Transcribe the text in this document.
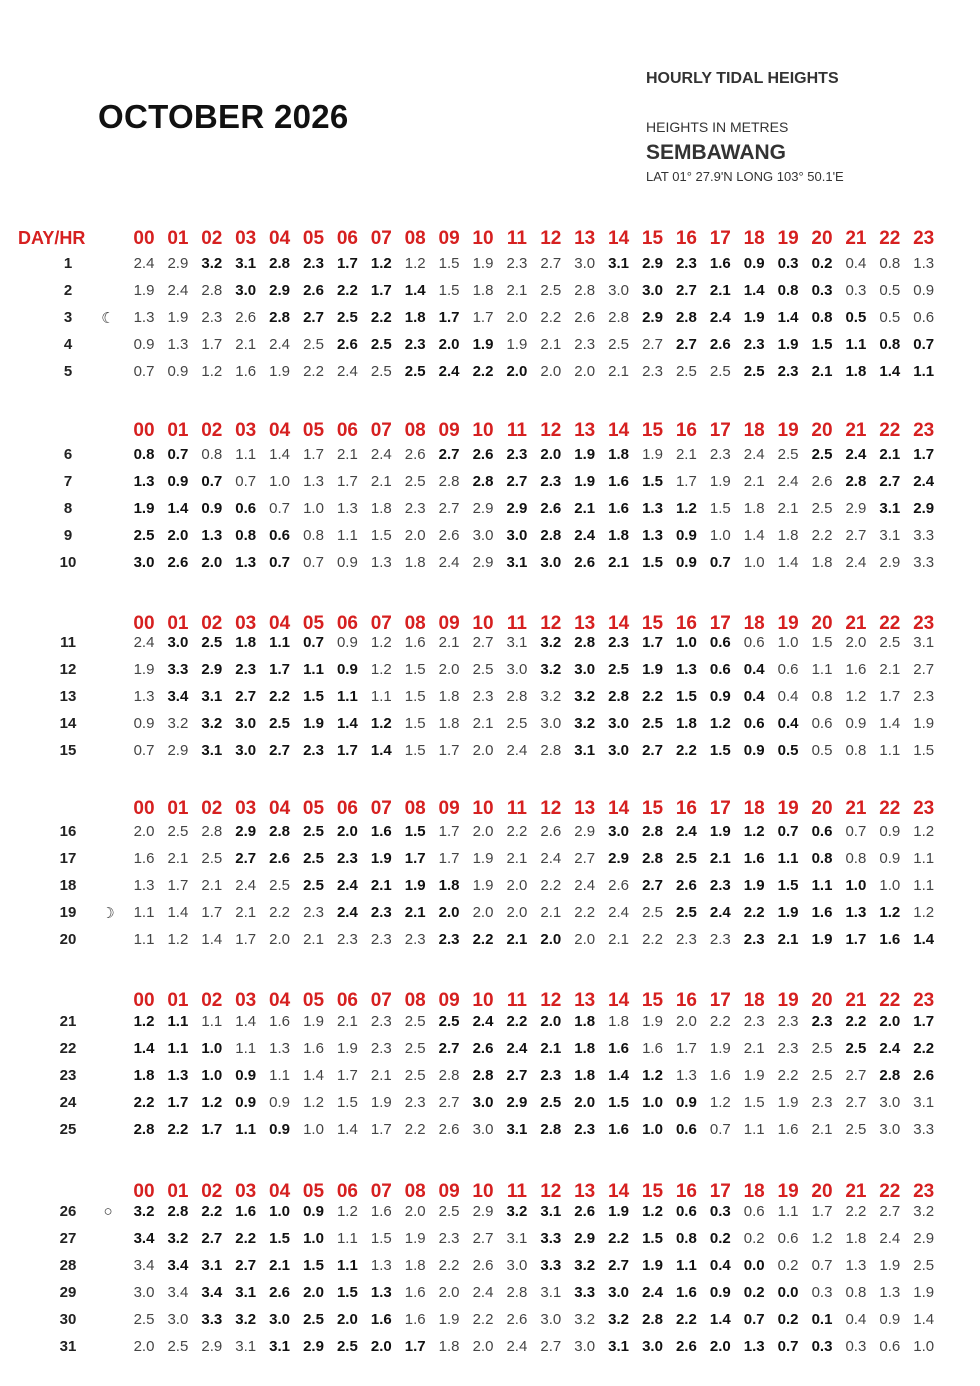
OCTOBER 2026
HOURLY TIDAL HEIGHTS
HEIGHTS IN METRES
SEMBAWANG
LAT 01° 27.9'N LONG 103° 50.1'E
DAY/HR	00 01 02 03 04 05 06 07 08 09 10 11 12 13 14 15 16 17 18 19 20 21 22 23
1	2.4 2.9 3.2 3.1 2.8 2.3 1.7 1.2 1.2 1.5 1.9 2.3 2.7 3.0 3.1 2.9 2.3 1.6 0.9 0.3 0.2 0.4 0.8 1.3
2	1.9 2.4 2.8 3.0 2.9 2.6 2.2 1.7 1.4 1.5 1.8 2.1 2.5 2.8 3.0 3.0 2.7 2.1 1.4 0.8 0.3 0.3 0.5 0.9
3	☾	1.3 1.9 2.3 2.6 2.8 2.7 2.5 2.2 1.8 1.7 1.7 2.0 2.2 2.6 2.8 2.9 2.8 2.4 1.9 1.4 0.8 0.5 0.5 0.6
4	0.9 1.3 1.7 2.1 2.4 2.5 2.6 2.5 2.3 2.0 1.9 1.9 2.1 2.3 2.5 2.7 2.7 2.6 2.3 1.9 1.5 1.1 0.8 0.7
5	0.7 0.9 1.2 1.6 1.9 2.2 2.4 2.5 2.5 2.4 2.2 2.0 2.0 2.0 2.1 2.3 2.5 2.5 2.5 2.3 2.1 1.8 1.4 1.1
00 01 02 03 04 05 06 07 08 09 10 11 12 13 14 15 16 17 18 19 20 21 22 23
6	0.8 0.7 0.8 1.1 1.4 1.7 2.1 2.4 2.6 2.7 2.6 2.3 2.0 1.9 1.8 1.9 2.1 2.3 2.4 2.5 2.5 2.4 2.1 1.7
7	1.3 0.9 0.7 0.7 1.0 1.3 1.7 2.1 2.5 2.8 2.8 2.7 2.3 1.9 1.6 1.5 1.7 1.9 2.1 2.4 2.6 2.8 2.7 2.4
8	1.9 1.4 0.9 0.6 0.7 1.0 1.3 1.8 2.3 2.7 2.9 2.9 2.6 2.1 1.6 1.3 1.2 1.5 1.8 2.1 2.5 2.9 3.1 2.9
9	2.5 2.0 1.3 0.8 0.6 0.8 1.1 1.5 2.0 2.6 3.0 3.0 2.8 2.4 1.8 1.3 0.9 1.0 1.4 1.8 2.2 2.7 3.1 3.3
10	3.0 2.6 2.0 1.3 0.7 0.7 0.9 1.3 1.8 2.4 2.9 3.1 3.0 2.6 2.1 1.5 0.9 0.7 1.0 1.4 1.8 2.4 2.9 3.3
00 01 02 03 04 05 06 07 08 09 10 11 12 13 14 15 16 17 18 19 20 21 22 23
11	2.4 3.0 2.5 1.8 1.1 0.7 0.9 1.2 1.6 2.1 2.7 3.1 3.2 2.8 2.3 1.7 1.0 0.6 0.6 1.0 1.5 2.0 2.5 3.1
12	1.9 3.3 2.9 2.3 1.7 1.1 0.9 1.2 1.5 2.0 2.5 3.0 3.2 3.0 2.5 1.9 1.3 0.6 0.4 0.6 1.1 1.6 2.1 2.7
13	1.3 3.4 3.1 2.7 2.2 1.5 1.1 1.1 1.5 1.8 2.3 2.8 3.2 3.2 2.8 2.2 1.5 0.9 0.4 0.4 0.8 1.2 1.7 2.3
14	0.9 3.2 3.2 3.0 2.5 1.9 1.4 1.2 1.5 1.8 2.1 2.5 3.0 3.2 3.0 2.5 1.8 1.2 0.6 0.4 0.6 0.9 1.4 1.9
15	0.7 2.9 3.1 3.0 2.7 2.3 1.7 1.4 1.5 1.7 2.0 2.4 2.8 3.1 3.0 2.7 2.2 1.5 0.9 0.5 0.5 0.8 1.1 1.5
00 01 02 03 04 05 06 07 08 09 10 11 12 13 14 15 16 17 18 19 20 21 22 23
16	2.0 2.5 2.8 2.9 2.8 2.5 2.0 1.6 1.5 1.7 2.0 2.2 2.6 2.9 3.0 2.8 2.4 1.9 1.2 0.7 0.6 0.7 0.9 1.2
17	1.6 2.1 2.5 2.7 2.6 2.5 2.3 1.9 1.7 1.7 1.9 2.1 2.4 2.7 2.9 2.8 2.5 2.1 1.6 1.1 0.8 0.8 0.9 1.1
18	1.3 1.7 2.1 2.4 2.5 2.5 2.4 2.1 1.9 1.8 1.9 2.0 2.2 2.4 2.6 2.7 2.6 2.3 1.9 1.5 1.1 1.0 1.0 1.1
19	☽	1.1 1.4 1.7 2.1 2.2 2.3 2.4 2.3 2.1 2.0 2.0 2.0 2.1 2.2 2.4 2.5 2.5 2.4 2.2 1.9 1.6 1.3 1.2 1.2
20	1.1 1.2 1.4 1.7 2.0 2.1 2.3 2.3 2.3 2.3 2.2 2.1 2.0 2.0 2.1 2.2 2.3 2.3 2.3 2.1 1.9 1.7 1.6 1.4
00 01 02 03 04 05 06 07 08 09 10 11 12 13 14 15 16 17 18 19 20 21 22 23
21	1.2 1.1 1.1 1.4 1.6 1.9 2.1 2.3 2.5 2.5 2.4 2.2 2.0 1.8 1.8 1.9 2.0 2.2 2.3 2.3 2.3 2.2 2.0 1.7
22	1.4 1.1 1.0 1.1 1.3 1.6 1.9 2.3 2.5 2.7 2.6 2.4 2.1 1.8 1.6 1.6 1.7 1.9 2.1 2.3 2.5 2.5 2.4 2.2
23	1.8 1.3 1.0 0.9 1.1 1.4 1.7 2.1 2.5 2.8 2.8 2.7 2.3 1.8 1.4 1.2 1.3 1.6 1.9 2.2 2.5 2.7 2.8 2.6
24	2.2 1.7 1.2 0.9 0.9 1.2 1.5 1.9 2.3 2.7 3.0 2.9 2.5 2.0 1.5 1.0 0.9 1.2 1.5 1.9 2.3 2.7 3.0 3.1
25	2.8 2.2 1.7 1.1 0.9 1.0 1.4 1.7 2.2 2.6 3.0 3.1 2.8 2.3 1.6 1.0 0.6 0.7 1.1 1.6 2.1 2.5 3.0 3.3
00 01 02 03 04 05 06 07 08 09 10 11 12 13 14 15 16 17 18 19 20 21 22 23
26	○	3.2 2.8 2.2 1.6 1.0 0.9 1.2 1.6 2.0 2.5 2.9 3.2 3.1 2.6 1.9 1.2 0.6 0.3 0.6 1.1 1.7 2.2 2.7 3.2
27	3.4 3.2 2.7 2.2 1.5 1.0 1.1 1.5 1.9 2.3 2.7 3.1 3.3 2.9 2.2 1.5 0.8 0.2 0.2 0.6 1.2 1.8 2.4 2.9
28	3.4 3.4 3.1 2.7 2.1 1.5 1.1 1.3 1.8 2.2 2.6 3.0 3.3 3.2 2.7 1.9 1.1 0.4 0.0 0.2 0.7 1.3 1.9 2.5
29	3.0 3.4 3.4 3.1 2.6 2.0 1.5 1.3 1.6 2.0 2.4 2.8 3.1 3.3 3.0 2.4 1.6 0.9 0.2 0.0 0.3 0.8 1.3 1.9
30	2.5 3.0 3.3 3.2 3.0 2.5 2.0 1.6 1.6 1.9 2.2 2.6 3.0 3.2 3.2 2.8 2.2 1.4 0.7 0.2 0.1 0.4 0.9 1.4
31	2.0 2.5 2.9 3.1 3.1 2.9 2.5 2.0 1.7 1.8 2.0 2.4 2.7 3.0 3.1 3.0 2.6 2.0 1.3 0.7 0.3 0.3 0.6 1.0
